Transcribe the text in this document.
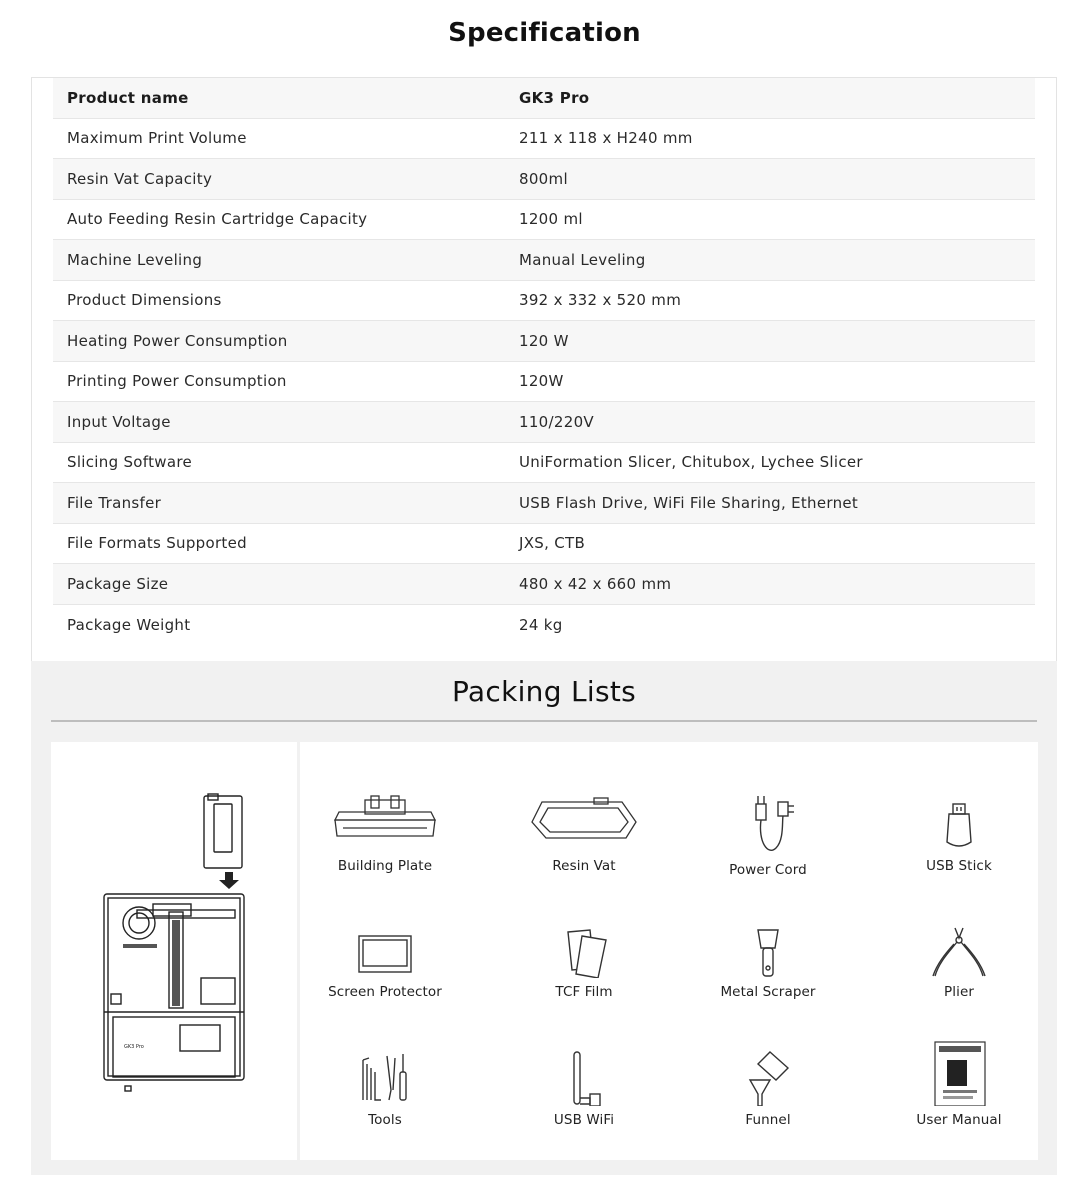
Specification
Product name	GK3 Pro
Maximum Print Volume	211 x 118 x H240 mm
Resin Vat Capacity	800ml
Auto Feeding Resin Cartridge Capacity	1200 ml
Machine Leveling	Manual Leveling
Product Dimensions	392 x 332 x 520 mm
Heating Power Consumption	120 W
Printing Power Consumption	120W
Input Voltage	110/220V
Slicing Software	UniFormation Slicer, Chitubox, Lychee Slicer
File Transfer	USB Flash Drive, WiFi File Sharing, Ethernet
File Formats Supported	JXS, CTB
Package Size	480 x 42 x 660 mm
Package Weight	24 kg
Packing Lists
GK3 Pro
Building Plate	Resin Vat	Power Cord	USB Stick
Screen Protector	TCF Film	Metal Scraper	Plier
Tools	USB WiFi	Funnel	User Manual
